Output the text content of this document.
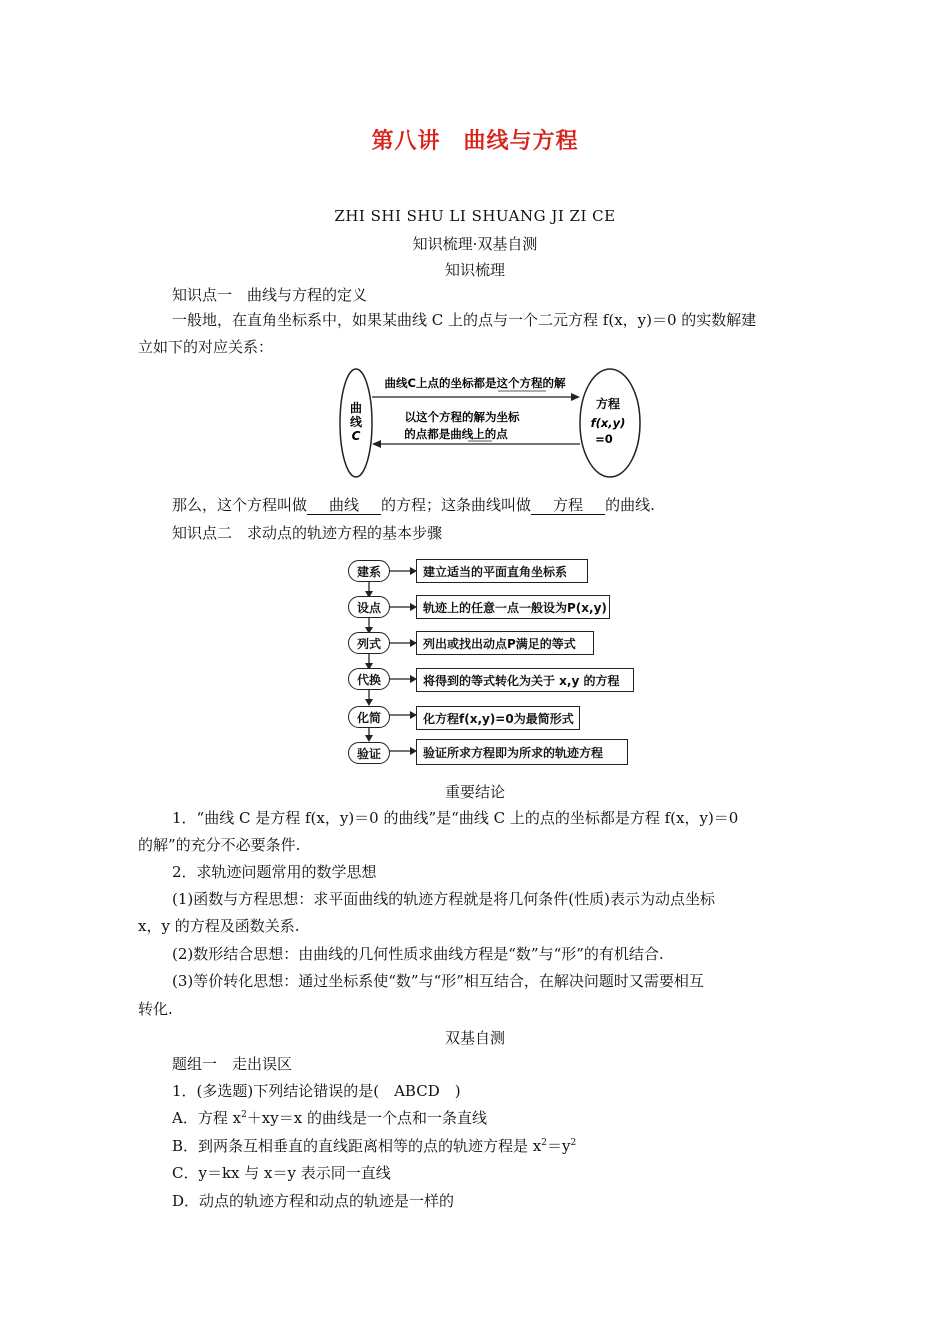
第八讲　曲线与方程
ZHI SHI SHU LI SHUANG JI ZI CE
知识梳理·双基自测
知识梳理
知识点一　曲线与方程的定义
一般地，在直角坐标系中，如果某曲线 C 上的点与一个二元方程 f(x，y)＝0 的实数解建
立如下的对应关系：
曲
线
C
曲线C上点的坐标都是这个方程的解
以这个方程的解为坐标
的点都是曲线上的点
方程
f(x,y)
=0
那么，这个方程叫做 曲线 的方程；这条曲线叫做 方程 的曲线.
知识点二　求动点的轨迹方程的基本步骤
建系
设点
列式
代换
化简
验证
建立适当的平面直角坐标系
轨迹上的任意一点一般设为P(x,y)
列出或找出动点P满足的等式
将得到的等式转化为关于 x,y 的方程
化方程f(x,y)=0为最简形式
验证所求方程即为所求的轨迹方程
重要结论
1．“曲线 C 是方程 f(x，y)＝0 的曲线”是“曲线 C 上的点的坐标都是方程 f(x，y)＝0
的解”的充分不必要条件.
2．求轨迹问题常用的数学思想
(1)函数与方程思想：求平面曲线的轨迹方程就是将几何条件(性质)表示为动点坐标
x，y 的方程及函数关系.
(2)数形结合思想：由曲线的几何性质求曲线方程是“数”与“形”的有机结合.
(3)等价转化思想：通过坐标系使“数”与“形”相互结合，在解决问题时又需要相互
转化.
双基自测
题组一　走出误区
1．(多选题)下列结论错误的是(　ABCD　)
A．方程 $x^2+xy=x$ 的曲线是一个点和一条直线
B．到两条互相垂直的直线距离相等的点的轨迹方程是 $x^2=y^2$
C．y＝kx 与 x＝y 表示同一直线
D．动点的轨迹方程和动点的轨迹是一样的
